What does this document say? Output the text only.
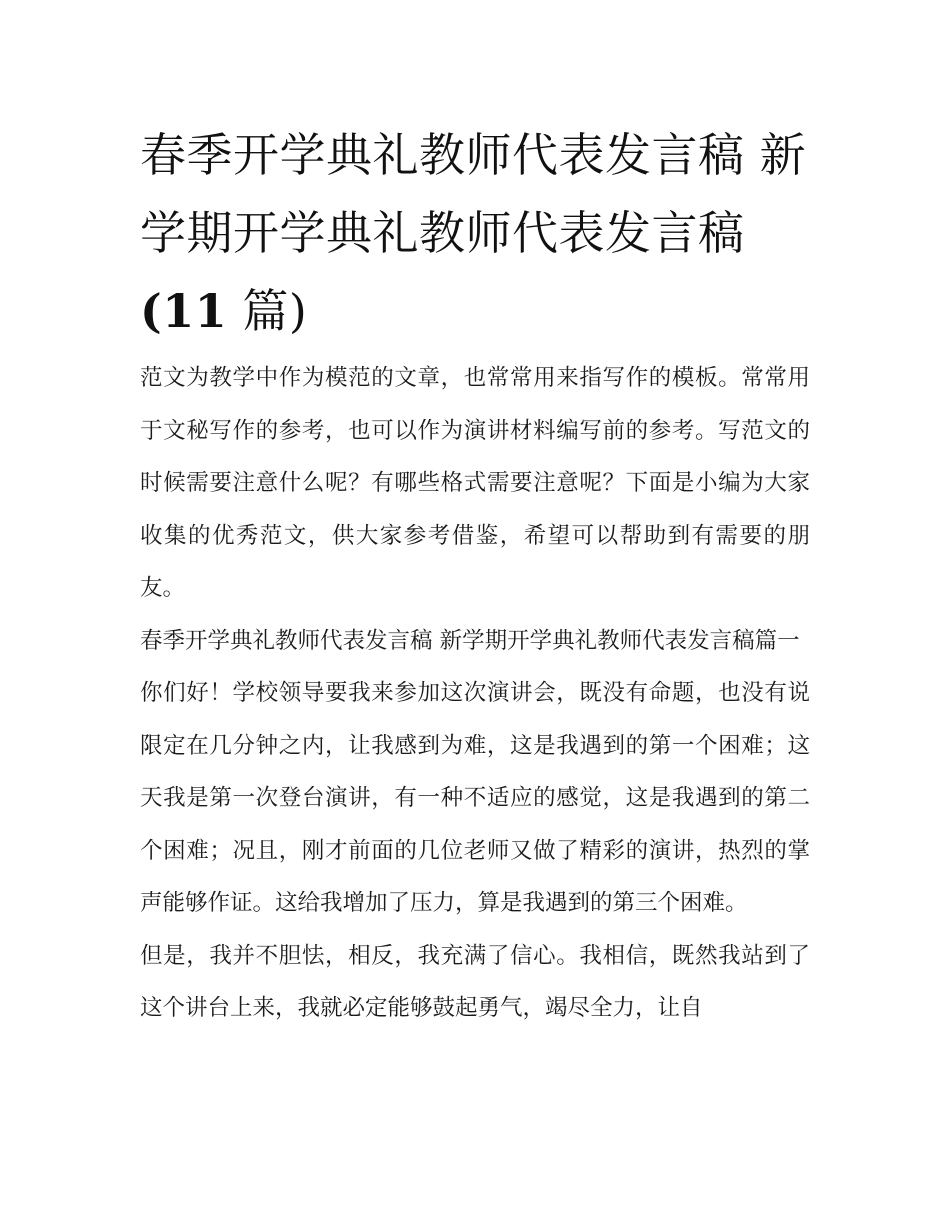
春季开学典礼教师代表发言稿 新学期开学典礼教师代表发言稿(11 篇)

范文为教学中作为模范的文章，也常常用来指写作的模板。常常用于文秘写作的参考，也可以作为演讲材料编写前的参考。写范文的时候需要注意什么呢？有哪些格式需要注意呢？下面是小编为大家收集的优秀范文，供大家参考借鉴，希望可以帮助到有需要的朋友。

春季开学典礼教师代表发言稿 新学期开学典礼教师代表发言稿篇一

你们好！学校领导要我来参加这次演讲会，既没有命题，也没有说限定在几分钟之内，让我感到为难，这是我遇到的第一个困难；这天我是第一次登台演讲，有一种不适应的感觉，这是我遇到的第二个困难；况且，刚才前面的几位老师又做了精彩的演讲，热烈的掌声能够作证。这给我增加了压力，算是我遇到的第三个困难。

但是，我并不胆怯，相反，我充满了信心。我相信，既然我站到了这个讲台上来，我就必定能够鼓起勇气，竭尽全力，让自
